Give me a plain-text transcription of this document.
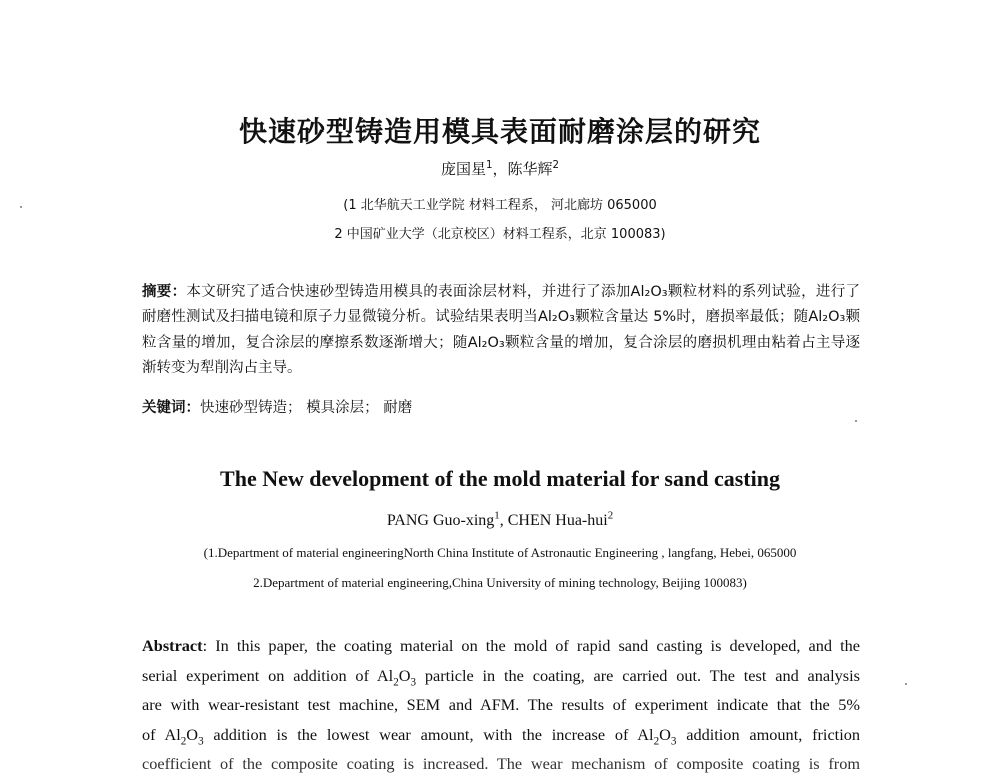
快速砂型铸造用模具表面耐磨涂层的研究
庞国星$^1$，陈华辉$^2$
(1 北华航天工业学院 材料工程系， 河北廊坊 065000
2 中国矿业大学（北京校区）材料工程系，北京 100083)
摘要：本文研究了适合快速砂型铸造用模具的表面涂层材料，并进行了添加Al₂O₃颗粒材料的系列试验，进行了耐磨性测试及扫描电镜和原子力显微镜分析。试验结果表明当Al₂O₃颗粒含量达 5%时，磨损率最低；随Al₂O₃颗粒含量的增加，复合涂层的摩擦系数逐渐增大；随Al₂O₃颗粒含量的增加，复合涂层的磨损机理由粘着占主导逐渐转变为犁削沟占主导。
关键词：快速砂型铸造； 模具涂层； 耐磨
The New development of the mold material for sand casting
PANG Guo-xing$^1$, CHEN Hua-hui$^2$
(1.Department of material engineeringNorth China Institute of Astronautic Engineering , langfang, Hebei, 065000
2.Department of material engineering,China University of mining technology, Beijing 100083)
Abstract: In this paper, the coating material on the mold of rapid sand casting is developed, and the
serial experiment on addition of $Al_2O_3$ particle in the coating, are carried out. The test and analysis
are with wear-resistant test machine, SEM and AFM. The results of experiment indicate that the 5%
of $Al_2O_3$ addition is the lowest wear amount, with the increase of $Al_2O_3$ addition amount, friction
coefficient of the composite coating is increased. The wear mechanism of composite coating is from
